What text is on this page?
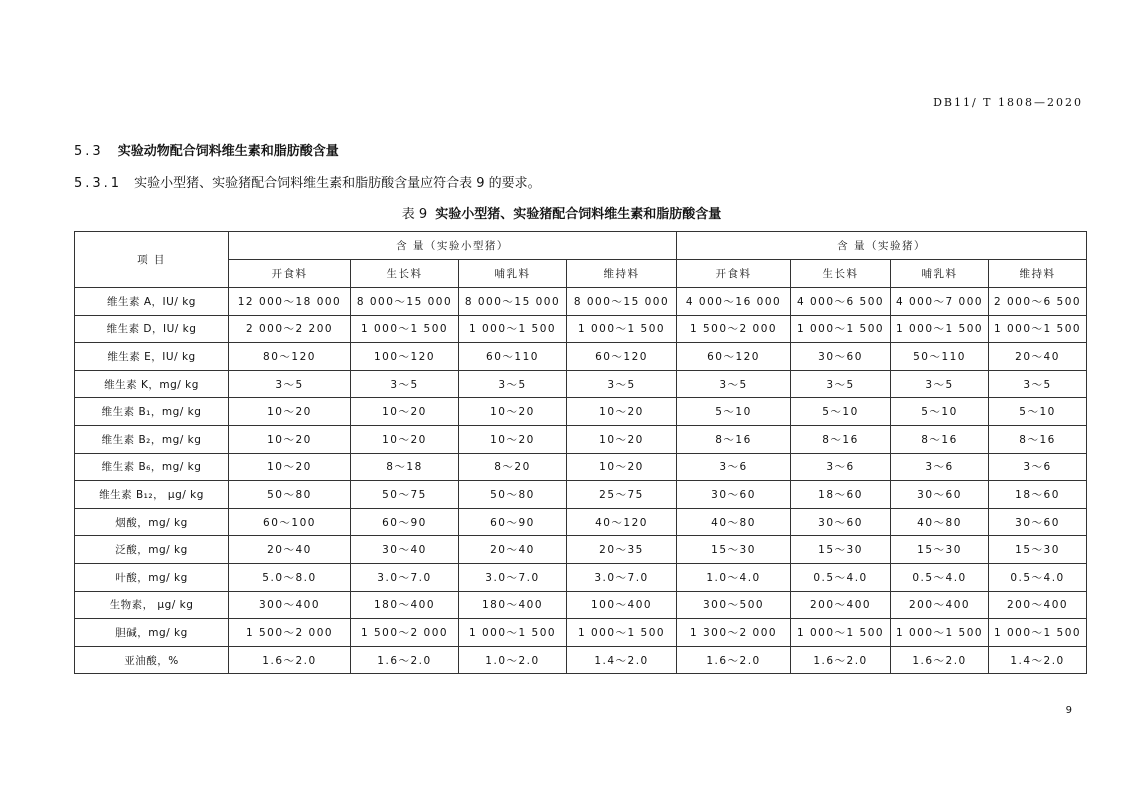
DB11/ T 1808—2020
5.3 实验动物配合饲料维生素和脂肪酸含量
5.3.1 实验小型猪、实验猪配合饲料维生素和脂肪酸含量应符合表 9 的要求。
表 9 实验小型猪、实验猪配合饲料维生素和脂肪酸含量
项 目	含 量（实验小型猪）				含 量（实验猪）			
	开食料	生长料	哺乳料	维持料	开食料	生长料	哺乳料	维持料
维生素 A，IU/ kg	12 000～18 000	8 000～15 000	8 000～15 000	8 000～15 000	4 000～16 000	4 000～6 500	4 000～7 000	2 000～6 500
维生素 D，IU/ kg	2 000～2 200	1 000～1 500	1 000～1 500	1 000～1 500	1 500～2 000	1 000～1 500	1 000～1 500	1 000～1 500
维生素 E，IU/ kg	80～120	100～120	60～110	60～120	60～120	30～60	50～110	20～40
维生素 K，mg/ kg	3～5	3～5	3～5	3～5	3～5	3～5	3～5	3～5
维生素 B₁，mg/ kg	10～20	10～20	10～20	10～20	5～10	5～10	5～10	5～10
维生素 B₂，mg/ kg	10～20	10～20	10～20	10～20	8～16	8～16	8～16	8～16
维生素 B₆，mg/ kg	10～20	8～18	8～20	10～20	3～6	3～6	3～6	3～6
维生素 B₁₂， μg/ kg	50～80	50～75	50～80	25～75	30～60	18～60	30～60	18～60
烟酸，mg/ kg	60～100	60～90	60～90	40～120	40～80	30～60	40～80	30～60
泛酸，mg/ kg	20～40	30～40	20～40	20～35	15～30	15～30	15～30	15～30
叶酸，mg/ kg	5.0～8.0	3.0～7.0	3.0～7.0	3.0～7.0	1.0～4.0	0.5～4.0	0.5～4.0	0.5～4.0
生物素， μg/ kg	300～400	180～400	180～400	100～400	300～500	200～400	200～400	200～400
胆碱，mg/ kg	1 500～2 000	1 500～2 000	1 000～1 500	1 000～1 500	1 300～2 000	1 000～1 500	1 000～1 500	1 000～1 500
亚油酸，%	1.6～2.0	1.6～2.0	1.0～2.0	1.4～2.0	1.6～2.0	1.6～2.0	1.6～2.0	1.4～2.0
9
